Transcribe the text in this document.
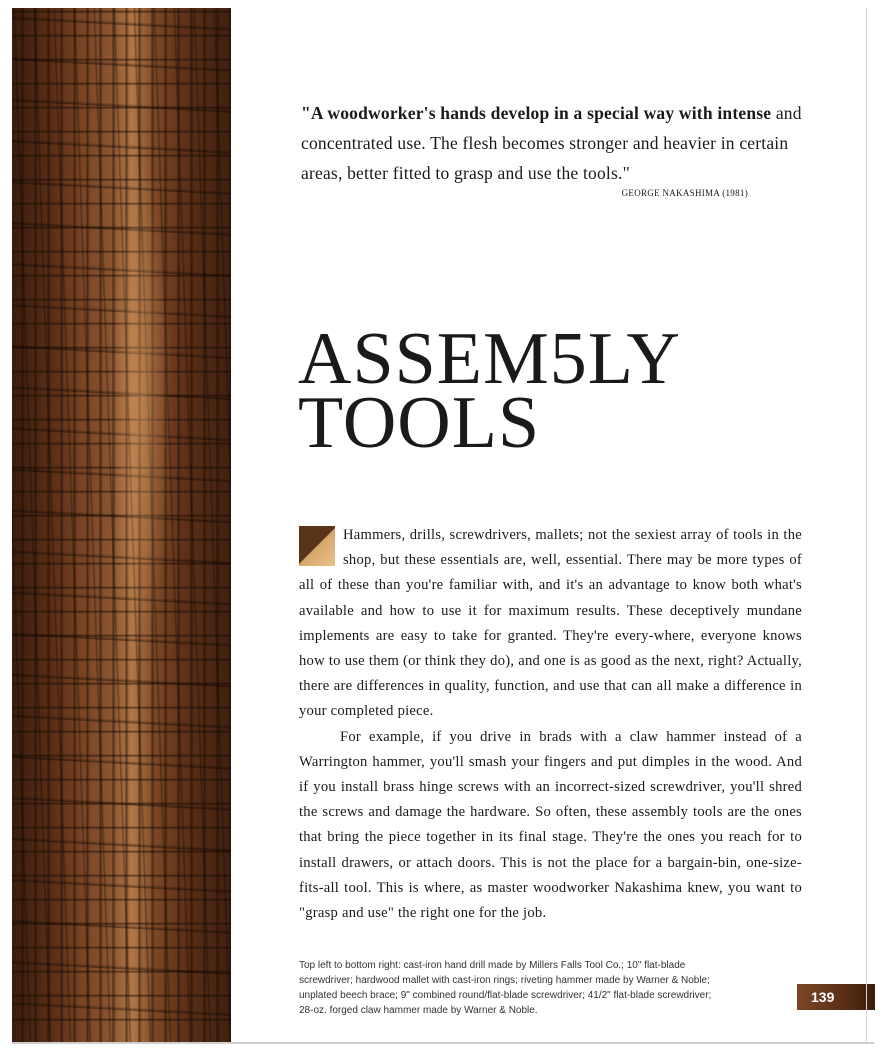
"A woodworker's hands develop in a special way with intense and concentrated use. The flesh becomes stronger and heavier in certain areas, better fitted to grasp and use the tools."
GEORGE NAKASHIMA (1981)
ASSEM5LY
TOOLS

Hammers, drills, screwdrivers, mallets; not the sexiest array of tools in the shop, but these essentials are, well, essential. There may be more types of all of these than you're familiar with, and it's an advantage to know both what's available and how to use it for maximum results. These deceptively mundane implements are easy to take for granted. They're every-where, everyone knows how to use them (or think they do), and one is as good as the next, right? Actually, there are differences in quality, function, and use that can all make a difference in your completed piece.

For example, if you drive in brads with a claw hammer instead of a Warrington hammer, you'll smash your fingers and put dimples in the wood. And if you install brass hinge screws with an incorrect-sized screwdriver, you'll shred the screws and damage the hardware. So often, these assembly tools are the ones that bring the piece together in its final stage. They're the ones you reach for to install drawers, or attach doors. This is not the place for a bargain-bin, one-size-fits-all tool. This is where, as master woodworker Nakashima knew, you want to "grasp and use" the right one for the job.

Top left to bottom right: cast-iron hand drill made by Millers Falls Tool Co.; 10" flat-blade screwdriver; hardwood mallet with cast-iron rings; riveting hammer made by Warner & Noble; unplated beech brace; 9" combined round/flat-blade screwdriver; 41/2" flat-blade screwdriver; 28-oz. forged claw hammer made by Warner & Noble.
139
